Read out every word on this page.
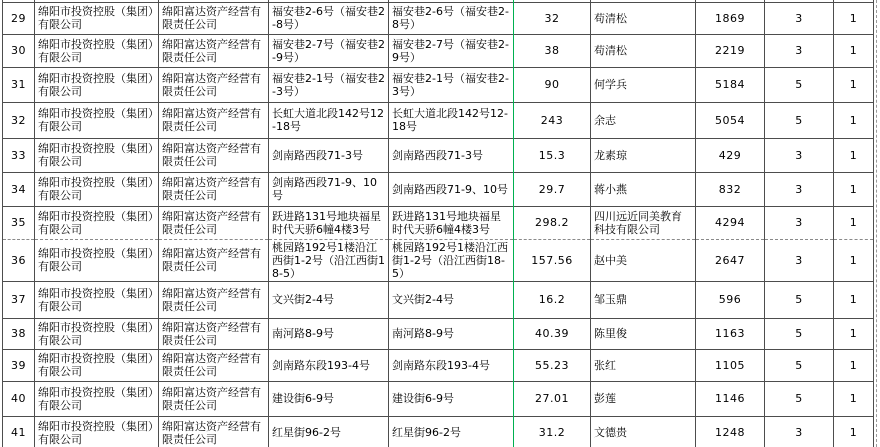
29	绵阳市投资控股（集团）有限公司	绵阳富达资产经营有限责任公司	福安巷2-6号（福安巷2-8号）	福安巷2-6号（福安巷2-8号）	32	苟清松	1869	3	1
30	绵阳市投资控股（集团）有限公司	绵阳富达资产经营有限责任公司	福安巷2-7号（福安巷2-9号）	福安巷2-7号（福安巷2-9号）	38	苟清松	2219	3	1
31	绵阳市投资控股（集团）有限公司	绵阳富达资产经营有限责任公司	福安巷2-1号（福安巷2-3号）	福安巷2-1号（福安巷2-3号）	90	何学兵	5184	5	1
32	绵阳市投资控股（集团）有限公司	绵阳富达资产经营有限责任公司	长虹大道北段142号12-18号	长虹大道北段142号12-18号	243	余志	5054	5	1
33	绵阳市投资控股（集团）有限公司	绵阳富达资产经营有限责任公司	剑南路西段71-3号	剑南路西段71-3号	15.3	龙素琼	429	3	1
34	绵阳市投资控股（集团）有限公司	绵阳富达资产经营有限责任公司	剑南路西段71-9、10号	剑南路西段71-9、10号	29.7	蒋小燕	832	3	1
35	绵阳市投资控股（集团）有限公司	绵阳富达资产经营有限责任公司	跃进路131号地块福星时代天骄6幢4楼3号	跃进路131号地块福星时代天骄6幢4楼3号	298.2	四川远近同美教育科技有限公司	4294	3	1
36	绵阳市投资控股（集团）有限公司	绵阳富达资产经营有限责任公司	桃园路192号1楼沿江西街1-2号（沿江西街18-5）	桃园路192号1楼沿江西街1-2号（沿江西街18-5）	157.56	赵中美	2647	3	1
37	绵阳市投资控股（集团）有限公司	绵阳富达资产经营有限责任公司	文兴街2-4号	文兴街2-4号	16.2	邹玉鼎	596	5	1
38	绵阳市投资控股（集团）有限公司	绵阳富达资产经营有限责任公司	南河路8-9号	南河路8-9号	40.39	陈里俊	1163	5	1
39	绵阳市投资控股（集团）有限公司	绵阳富达资产经营有限责任公司	剑南路东段193-4号	剑南路东段193-4号	55.23	张红	1105	5	1
40	绵阳市投资控股（集团）有限公司	绵阳富达资产经营有限责任公司	建设街6-9号	建设街6-9号	27.01	彭莲	1146	5	1
41	绵阳市投资控股（集团）有限公司	绵阳富达资产经营有限责任公司	红星街96-2号	红星街96-2号	31.2	文德贵	1248	3	1
